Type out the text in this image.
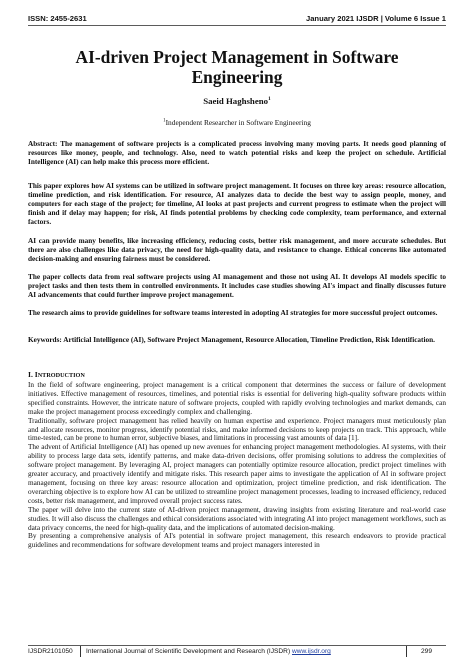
ISSN: 2455-2631	January 2021 IJSDR | Volume 6 Issue 1
AI-driven Project Management in Software Engineering
Saeid Haghsheno$^1$
$^1$Independent Researcher in Software Engineering
Abstract: The management of software projects is a complicated process involving many moving parts. It needs good planning of resources like money, people, and technology. Also, need to watch potential risks and keep the project on schedule. Artificial Intelligence (AI) can help make this process more efficient.
This paper explores how AI systems can be utilized in software project management. It focuses on three key areas: resource allocation, timeline prediction, and risk identification. For resource, AI analyzes data to decide the best way to assign people, money, and computers for each stage of the project; for timeline, AI looks at past projects and current progress to estimate when the project will finish and if delay may happen; for risk, AI finds potential problems by checking code complexity, team performance, and external factors.
AI can provide many benefits, like increasing efficiency, reducing costs, better risk management, and more accurate schedules. But there are also challenges like data privacy, the need for high-quality data, and resistance to change. Ethical concerns like automated decision-making and ensuring fairness must be considered.
The paper collects data from real software projects using AI management and those not using AI. It develops AI models specific to project tasks and then tests them in controlled environments. It includes case studies showing AI's impact and finally discusses future AI advancements that could further improve project management.
The research aims to provide guidelines for software teams interested in adopting AI strategies for more successful project outcomes.
Keywords: Artificial Intelligence (AI), Software Project Management, Resource Allocation, Timeline Prediction, Risk Identification.
I. INTRODUCTION

In the field of software engineering, project management is a critical component that determines the success or failure of development initiatives. Effective management of resources, timelines, and potential risks is essential for delivering high-quality software products within specified constraints. However, the intricate nature of software projects, coupled with rapidly evolving technologies and market demands, can make the project management process exceedingly complex and challenging.

Traditionally, software project management has relied heavily on human expertise and experience. Project managers must meticulously plan and allocate resources, monitor progress, identify potential risks, and make informed decisions to keep projects on track. This approach, while time-tested, can be prone to human error, subjective biases, and limitations in processing vast amounts of data [1].

The advent of Artificial Intelligence (AI) has opened up new avenues for enhancing project management methodologies. AI systems, with their ability to process large data sets, identify patterns, and make data-driven decisions, offer promising solutions to address the complexities of software project management. By leveraging AI, project managers can potentially optimize resource allocation, predict project timelines with greater accuracy, and proactively identify and mitigate risks. This research paper aims to investigate the application of AI in software project management, focusing on three key areas: resource allocation and optimization, project timeline prediction, and risk identification. The overarching objective is to explore how AI can be utilized to streamline project management processes, leading to increased efficiency, reduced costs, better risk management, and improved overall project success rates.

The paper will delve into the current state of AI-driven project management, drawing insights from existing literature and real-world case studies. It will also discuss the challenges and ethical considerations associated with integrating AI into project management workflows, such as data privacy concerns, the need for high-quality data, and the implications of automated decision-making.

By presenting a comprehensive analysis of AI's potential in software project management, this research endeavors to provide practical guidelines and recommendations for software development teams and project managers interested in

IJSDR2101050 International Journal of Scientific Development and Research (IJSDR) www.ijsdr.org	299
